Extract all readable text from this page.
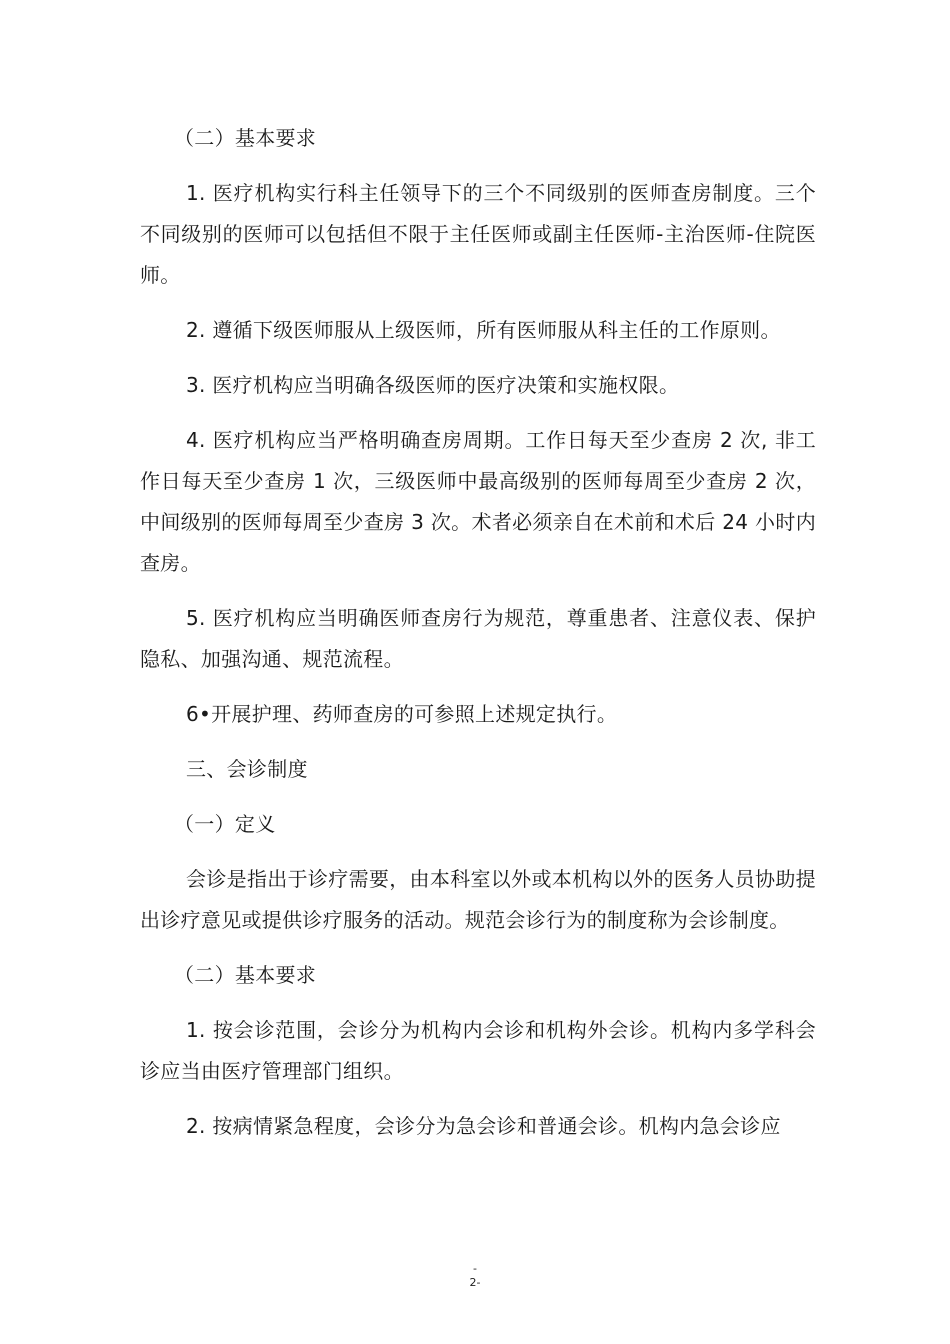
（二）基本要求

1. 医疗机构实行科主任领导下的三个不同级别的医师查房制度。三个不同级别的医师可以包括但不限于主任医师或副主任医师-主治医师-住院医师。

2. 遵循下级医师服从上级医师，所有医师服从科主任的工作原则。

3. 医疗机构应当明确各级医师的医疗决策和实施权限。

4. 医疗机构应当严格明确查房周期。工作日每天至少查房 2 次, 非工作日每天至少查房 1 次，三级医师中最高级别的医师每周至少查房 2 次，中间级别的医师每周至少查房 3 次。术者必须亲自在术前和术后 24 小时内查房。

5. 医疗机构应当明确医师查房行为规范，尊重患者、注意仪表、保护隐私、加强沟通、规范流程。

6•开展护理、药师查房的可参照上述规定执行。

三、会诊制度

（一）定义

会诊是指出于诊疗需要，由本科室以外或本机构以外的医务人员协助提出诊疗意见或提供诊疗服务的活动。规范会诊行为的制度称为会诊制度。

（二）基本要求

1. 按会诊范围，会诊分为机构内会诊和机构外会诊。机构内多学科会诊应当由医疗管理部门组织。

2. 按病情紧急程度，会诊分为急会诊和普通会诊。机构内急会诊应

-
2-
